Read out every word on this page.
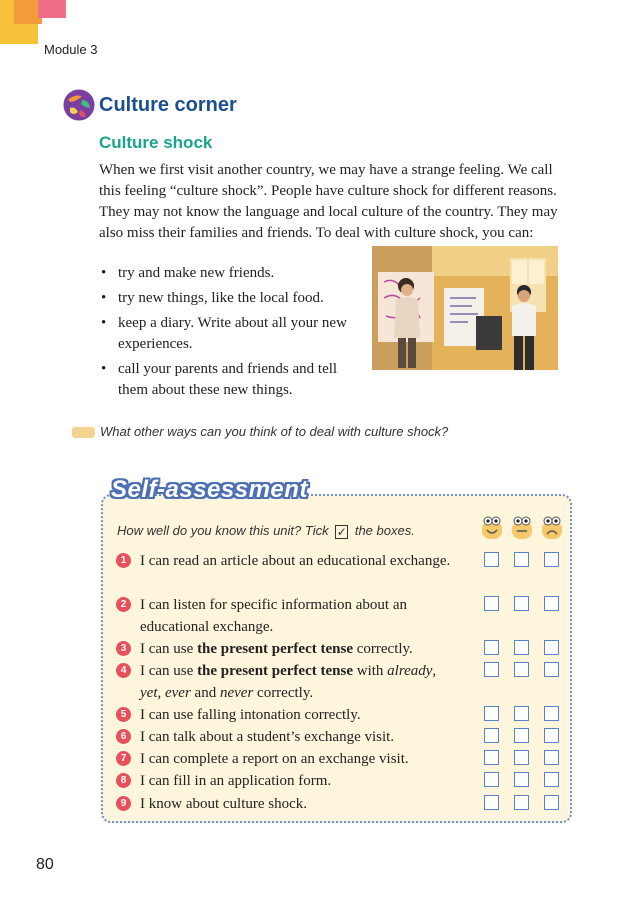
Module 3
Culture corner
Culture shock

When we first visit another country, we may have a strange feeling. We call this feeling “culture shock”. People have culture shock for different reasons. They may not know the language and local culture of the country. They may also miss their families and friends. To deal with culture shock, you can:

• try and make new friends.
• try new things, like the local food.
• keep a diary. Write about all your new experiences.
• call your parents and friends and tell them about these new things.
What other ways can you think of to deal with culture shock?
Self-assessment
How well do you know this unit? Tick ✓ the boxes.
1 I can read an article about an educational exchange.
2 I can listen for specific information about an educational exchange.
3 I can use the present perfect tense correctly.
4 I can use the present perfect tense with already, yet, ever and never correctly.
5 I can use falling intonation correctly.
6 I can talk about a student’s exchange visit.
7 I can complete a report on an exchange visit.
8 I can fill in an application form.
9 I know about culture shock.
80
